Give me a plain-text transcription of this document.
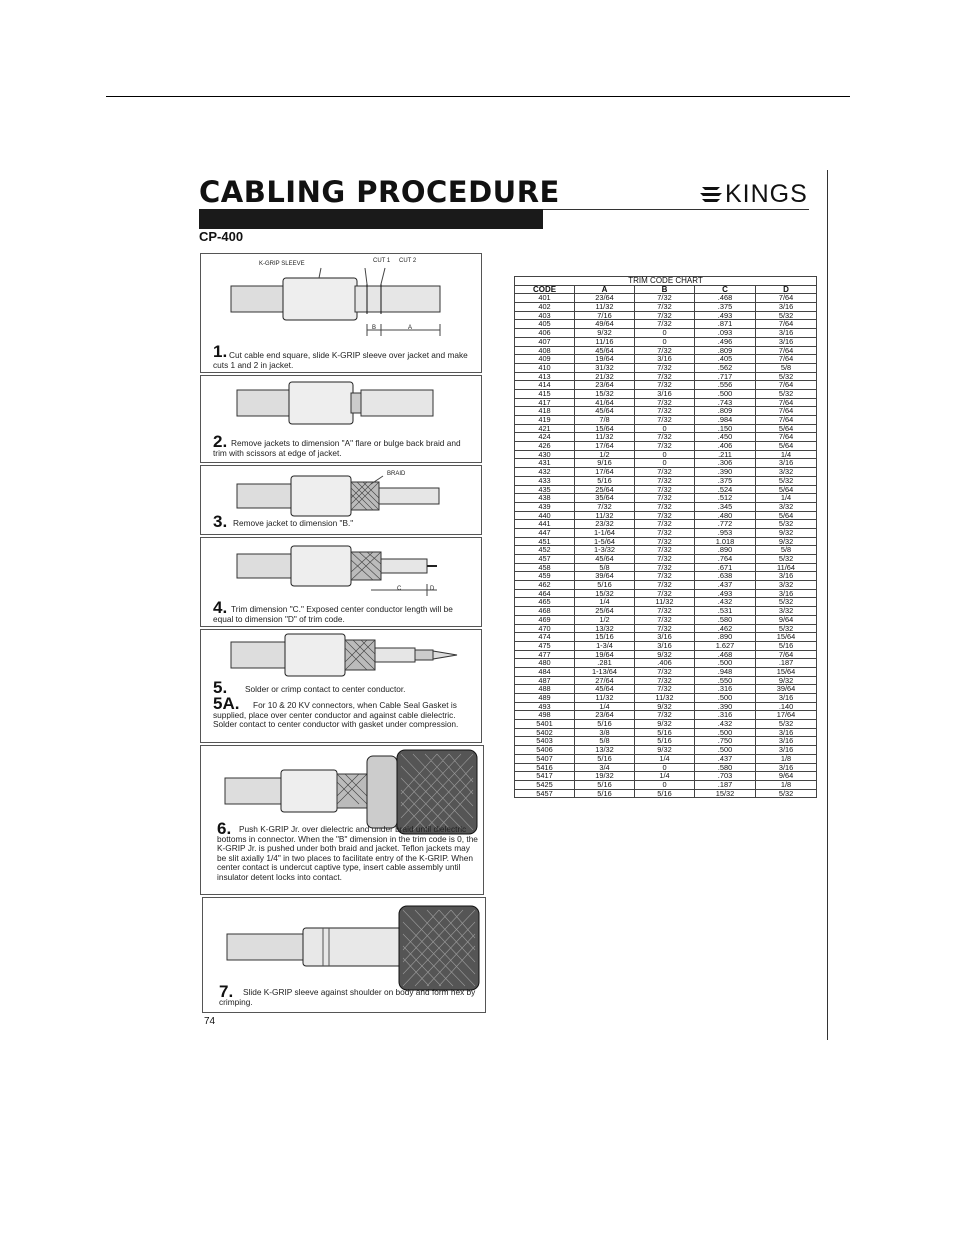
CABLING PROCEDURE	KINGS
CP-400
K-GRIP SLEEVE	CUT 1 CUT 2
B	A
1. Cut cable end square, slide K-GRIP sleeve over jacket and make cuts 1 and 2 in jacket.
2. Remove jackets to dimension "A" flare or bulge back braid and trim with scissors at edge of jacket.
BRAID
3. Remove jacket to dimension "B."
C	D
4. Trim dimension "C." Exposed center conductor length will be equal to dimension "D" of trim code.
5. Solder or crimp contact to center conductor.
5A.	For 10 & 20 KV connectors, when Cable Seal Gasket is supplied, place over center conductor and against cable dielectric. Solder contact to center conductor with gasket under compression.
6. Push K-GRIP Jr. over dielectric and under braid until dielectric bottoms in connector. When the "B" dimension in the trim code is 0, the K-GRIP Jr. is pushed under both braid and jacket. Teflon jackets may be slit axially 1/4" in two places to facilitate entry of the K-GRIP. When center contact is undercut captive type, insert cable assembly until insulator detent locks into contact.
7.	Slide K-GRIP sleeve against shoulder on body and form hex by crimping.
74
TRIM CODE CHART				
CODE	A	B	C	D
401	23/64	7/32	.468	7/64
402	11/32	7/32	.375	3/16
403	7/16	7/32	.493	5/32
405	49/64	7/32	.871	7/64
406	9/32	0	.093	3/16
407	11/16	0	.496	3/16
408	45/64	7/32	.809	7/64
409	19/64	3/16	.405	7/64
410	31/32	7/32	.562	5/8
413	21/32	7/32	.717	5/32
414	23/64	7/32	.556	7/64
415	15/32	3/16	.500	5/32
417	41/64	7/32	.743	7/64
418	45/64	7/32	.809	7/64
419	7/8	7/32	.984	7/64
421	15/64	0	.150	5/64
424	11/32	7/32	.450	7/64
426	17/64	7/32	.406	5/64
430	1/2	0	.211	1/4
431	9/16	0	.306	3/16
432	17/64	7/32	.390	3/32
433	5/16	7/32	.375	5/32
435	25/64	7/32	.524	5/64
438	35/64	7/32	.512	1/4
439	7/32	7/32	.345	3/32
440	11/32	7/32	.480	5/64
441	23/32	7/32	.772	5/32
447	1-1/64	7/32	.953	9/32
451	1-5/64	7/32	1.018	9/32
452	1-3/32	7/32	.890	5/8
457	45/64	7/32	.764	5/32
458	5/8	7/32	.671	11/64
459	39/64	7/32	.638	3/16
462	5/16	7/32	.437	3/32
464	15/32	7/32	.493	3/16
465	1/4	11/32	.432	5/32
468	25/64	7/32	.531	3/32
469	1/2	7/32	.580	9/64
470	13/32	7/32	.462	5/32
474	15/16	3/16	.890	15/64
475	1-3/4	3/16	1.627	5/16
477	19/64	9/32	.468	7/64
480	.281	.406	.500	.187
484	1-13/64	7/32	.948	15/64
487	27/64	7/32	.550	9/32
488	45/64	7/32	.316	39/64
489	11/32	11/32	.500	3/16
493	1/4	9/32	.390	.140
498	23/64	7/32	.316	17/64
5401	5/16	9/32	.432	5/32
5402	3/8	5/16	.500	3/16
5403	5/8	5/16	.750	3/16
5406	13/32	9/32	.500	3/16
5407	5/16	1/4	.437	1/8
5416	3/4	0	.580	3/16
5417	19/32	1/4	.703	9/64
5425	5/16	0	.187	1/8
5457	5/16	5/16	15/32	5/32
